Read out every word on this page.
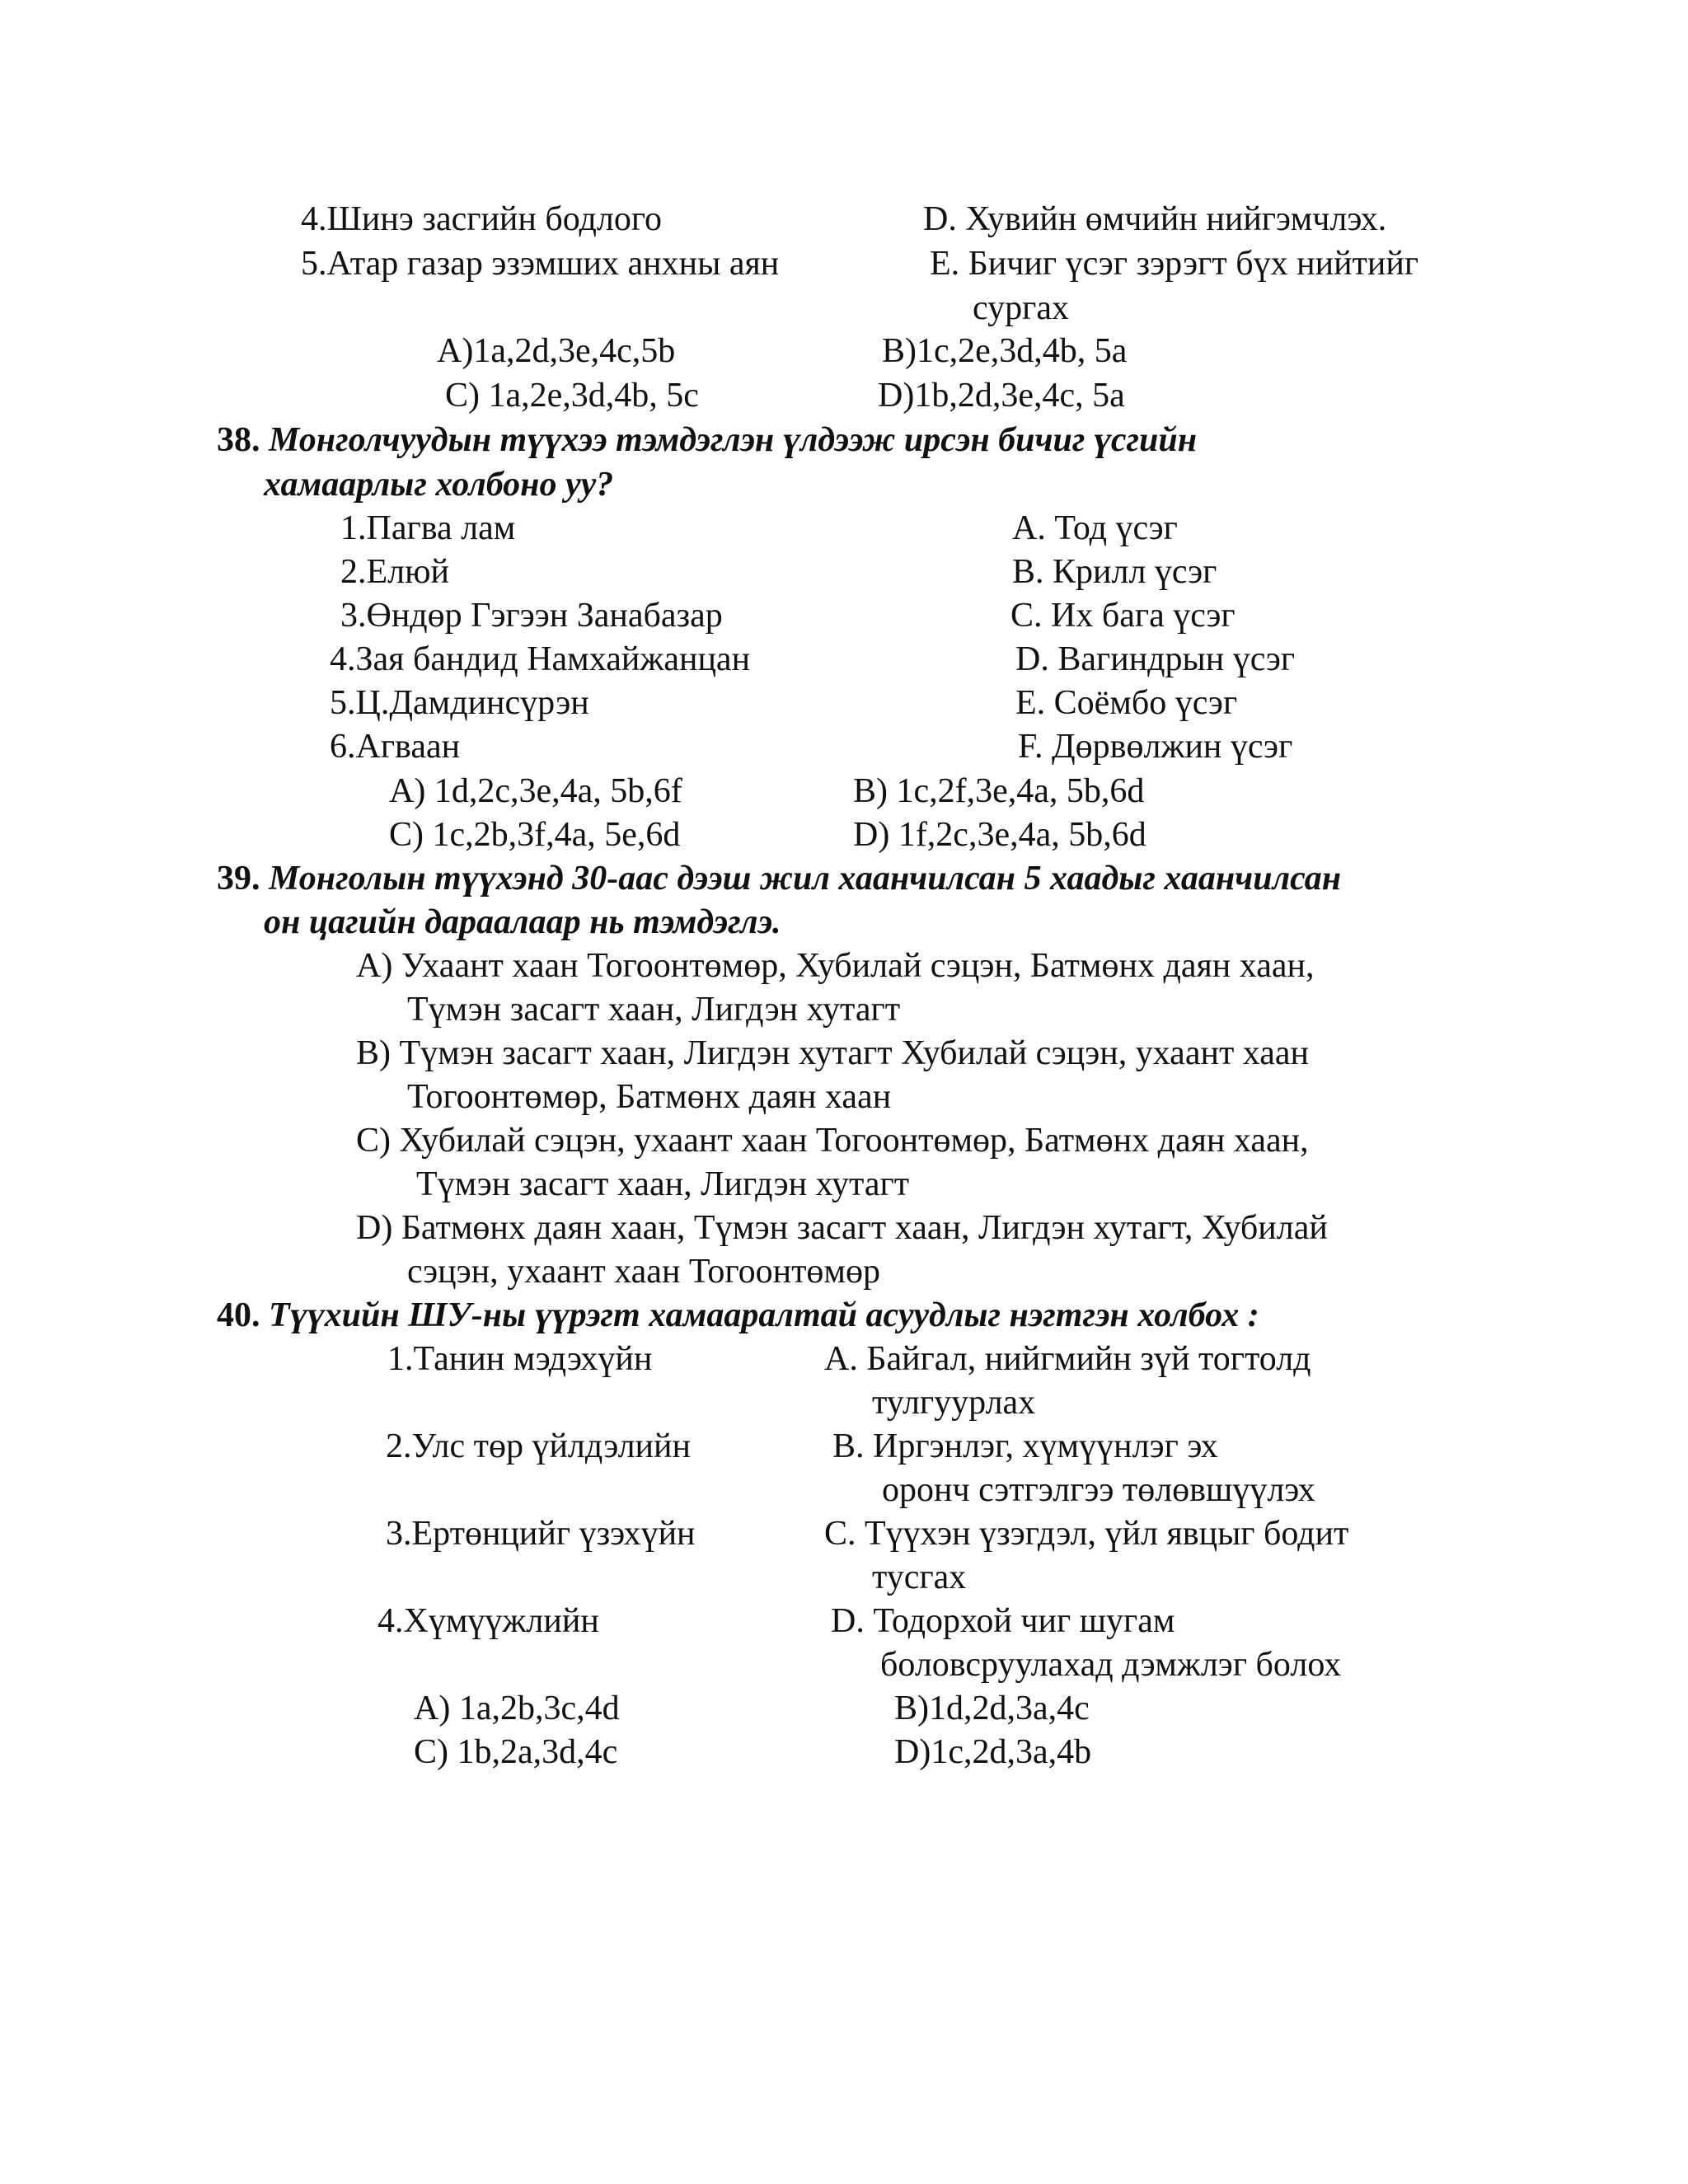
4.Шинэ засгийн бодлого	D. Хувийн өмчийн нийгэмчлэх.
5.Атар газар эзэмших анхны аян	E. Бичиг үсэг зэрэгт бүх нийтийг
сургах
A)1a,2d,3e,4c,5b	B)1c,2e,3d,4b, 5a
C) 1a,2e,3d,4b, 5c	D)1b,2d,3e,4c, 5a
38. Монголчуудын түүхээ тэмдэглэн үлдээж ирсэн бичиг үсгийн
хамаарлыг холбоно уу?
1.Пагва лам	A. Тод үсэг
2.Елюй	B. Крилл үсэг
3.Өндөр Гэгээн Занабазар	C. Их бага үсэг
4.Зая бандид Намхайжанцан	D. Вагиндрын үсэг
5.Ц.Дамдинсүрэн	E. Соёмбо үсэг
6.Агваан	F. Дөрвөлжин үсэг
A) 1d,2c,3e,4a, 5b,6f	B) 1c,2f,3e,4a, 5b,6d
C) 1c,2b,3f,4a, 5e,6d	D) 1f,2c,3e,4a, 5b,6d
39. Монголын түүхэнд 30-аас дээш жил хаанчилсан 5 хаадыг хаанчилсан
он цагийн дараалаар нь тэмдэглэ.
A) Ухаант хаан Тогоонтөмөр, Хубилай сэцэн, Батмөнх даян хаан,
Түмэн засагт хаан, Лигдэн хутагт
B) Түмэн засагт хаан, Лигдэн хутагт Хубилай сэцэн, ухаант хаан
Тогоонтөмөр, Батмөнх даян хаан
C) Хубилай сэцэн, ухаант хаан Тогоонтөмөр, Батмөнх даян хаан,
Түмэн засагт хаан, Лигдэн хутагт
D) Батмөнх даян хаан, Түмэн засагт хаан, Лигдэн хутагт, Хубилай
сэцэн, ухаант хаан Тогоонтөмөр
40. Түүхийн ШУ-ны үүрэгт хамааралтай асуудлыг нэгтгэн холбох :
1.Танин мэдэхүйн	A. Байгал, нийгмийн зүй тогтолд
тулгуурлах
2.Улс төр үйлдэлийн	B. Иргэнлэг, хүмүүнлэг эх
оронч сэтгэлгээ төлөвшүүлэх
3.Ертөнцийг үзэхүйн	C. Түүхэн үзэгдэл, үйл явцыг бодит
тусгах
4.Хүмүүжлийн	D. Тодорхой чиг шугам
боловсруулахад дэмжлэг болох
A) 1a,2b,3c,4d	B)1d,2d,3a,4c
C) 1b,2a,3d,4c	D)1c,2d,3a,4b
